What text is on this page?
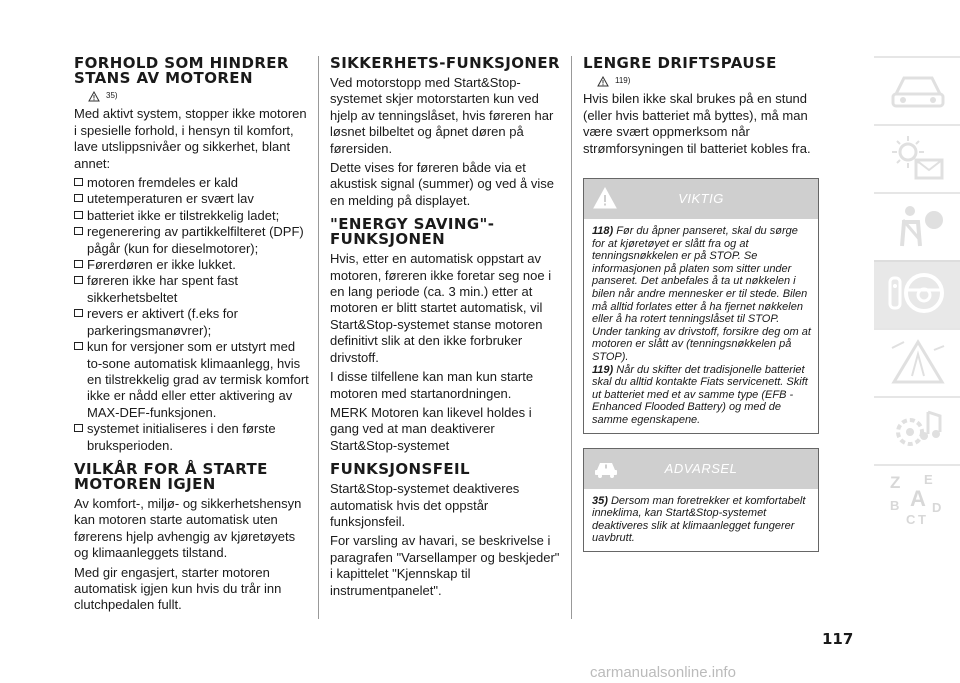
FORHOLD SOM HINDRER STANS AV MOTOREN
35)

Med aktivt system, stopper ikke motoren i spesielle forhold, i hensyn til komfort, lave utslippsnivåer og sikkerhet, blant annet:

motoren fremdeles er kald
utetemperaturen er svært lav
batteriet ikke er tilstrekkelig ladet;
regenerering av partikkelfilteret (DPF) pågår (kun for dieselmotorer);
Førerdøren er ikke lukket.
føreren ikke har spent fast sikkerhetsbeltet
revers er aktivert (f.eks for parkeringsmanøvrer);
kun for versjoner som er utstyrt med to-sone automatisk klimaanlegg, hvis en tilstrekkelig grad av termisk komfort ikke er nådd eller etter aktivering av MAX-DEF-funksjonen.
systemet initialiseres i den første bruksperioden.
VILKÅR FOR Å STARTE MOTOREN IGJEN

Av komfort-, miljø- og sikkerhetshensyn kan motoren starte automatisk uten førerens hjelp avhengig av kjøretøyets og klimaanleggets tilstand.

Med gir engasjert, starter motoren automatisk igjen kun hvis du trår inn clutchpedalen fullt.

SIKKERHETS-FUNKSJONER

Ved motorstopp med Start&Stop-systemet skjer motorstarten kun ved hjelp av tenningslåset, hvis føreren har løsnet bilbeltet og åpnet døren på førersiden.

Dette vises for føreren både via et akustisk signal (summer) og ved å vise en melding på displayet.

"ENERGY SAVING"-FUNKSJONEN

Hvis, etter en automatisk oppstart av motoren, føreren ikke foretar seg noe i en lang periode (ca. 3 min.) etter at motoren er blitt startet automatisk, vil Start&Stop-systemet stanse motoren definitivt slik at den ikke forbruker drivstoff.

I disse tilfellene kan man kun starte motoren med startanordningen.

MERK Motoren kan likevel holdes i gang ved at man deaktiverer Start&Stop-systemet

FUNKSJONSFEIL

Start&Stop-systemet deaktiveres automatisk hvis det oppstår funksjonsfeil.

For varsling av havari, se beskrivelse i paragrafen "Varsellamper og beskjeder" i kapittelet "Kjennskap til instrumentpanelet".

LENGRE DRIFTSPAUSE
119)

Hvis bilen ikke skal brukes på en stund (eller hvis batteriet må byttes), må man være svært oppmerksom når strømforsyningen til batteriet kobles fra.

VIKTIG
118) Før du åpner panseret, skal du sørge for at kjøretøyet er slått fra og at tenningsnøkkelen er på STOP. Se informasjonen på platen som sitter under panseret. Det anbefales å ta ut nøkkelen i bilen når andre mennesker er til stede. Bilen må alltid forlates etter å ha fjernet nøkkelen eller å ha rotert tenningslåset til STOP. Under tanking av drivstoff, forsikre deg om at motoren er slått av (tenningsnøkkelen på STOP).
119) Når du skifter det tradisjonelle batteriet skal du alltid kontakte Fiats servicenett. Skift ut batteriet med et av samme type (EFB - Enhanced Flooded Battery) og med de samme egenskapene.
ADVARSEL
35) Dersom man foretrekker et komfortabelt inneklima, kan Start&Stop-systemet deaktiveres slik at klimaanlegget fungerer uavbrutt.
Z E
B A
C T
D
117
carmanualsonline.info
